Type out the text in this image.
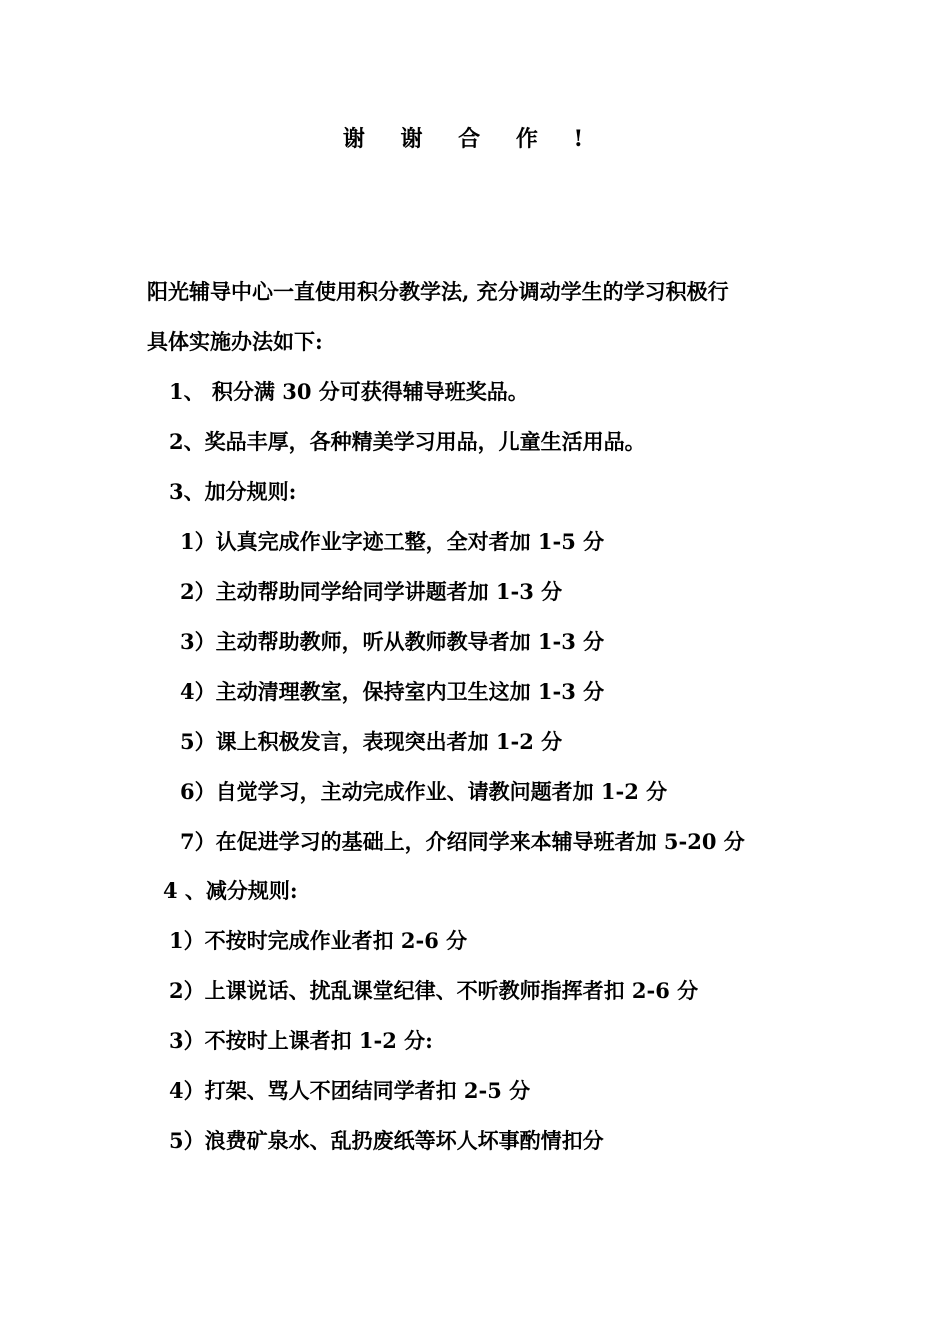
谢 谢 合 作 !
阳光辅导中心一直使用积分教学法, 充分调动学生的学习积极行
具体实施办法如下:
1、 积分满 30 分可获得辅导班奖品。
2、奖品丰厚，各种精美学习用品，儿童生活用品。
3、加分规则:
1）认真完成作业字迹工整，全对者加 1-5 分
2）主动帮助同学给同学讲题者加 1-3 分
3）主动帮助教师，听从教师教导者加 1-3 分
4）主动清理教室，保持室内卫生这加 1-3 分
5）课上积极发言，表现突出者加 1-2 分
6）自觉学习，主动完成作业、请教问题者加 1-2 分
7）在促进学习的基础上，介绍同学来本辅导班者加 5-20 分
4 、减分规则:
1）不按时完成作业者扣 2-6 分
2）上课说话、扰乱课堂纪律、不听教师指挥者扣 2-6 分
3）不按时上课者扣 1-2 分:
4）打架、骂人不团结同学者扣 2-5 分
5）浪费矿泉水、乱扔废纸等坏人坏事酌情扣分
